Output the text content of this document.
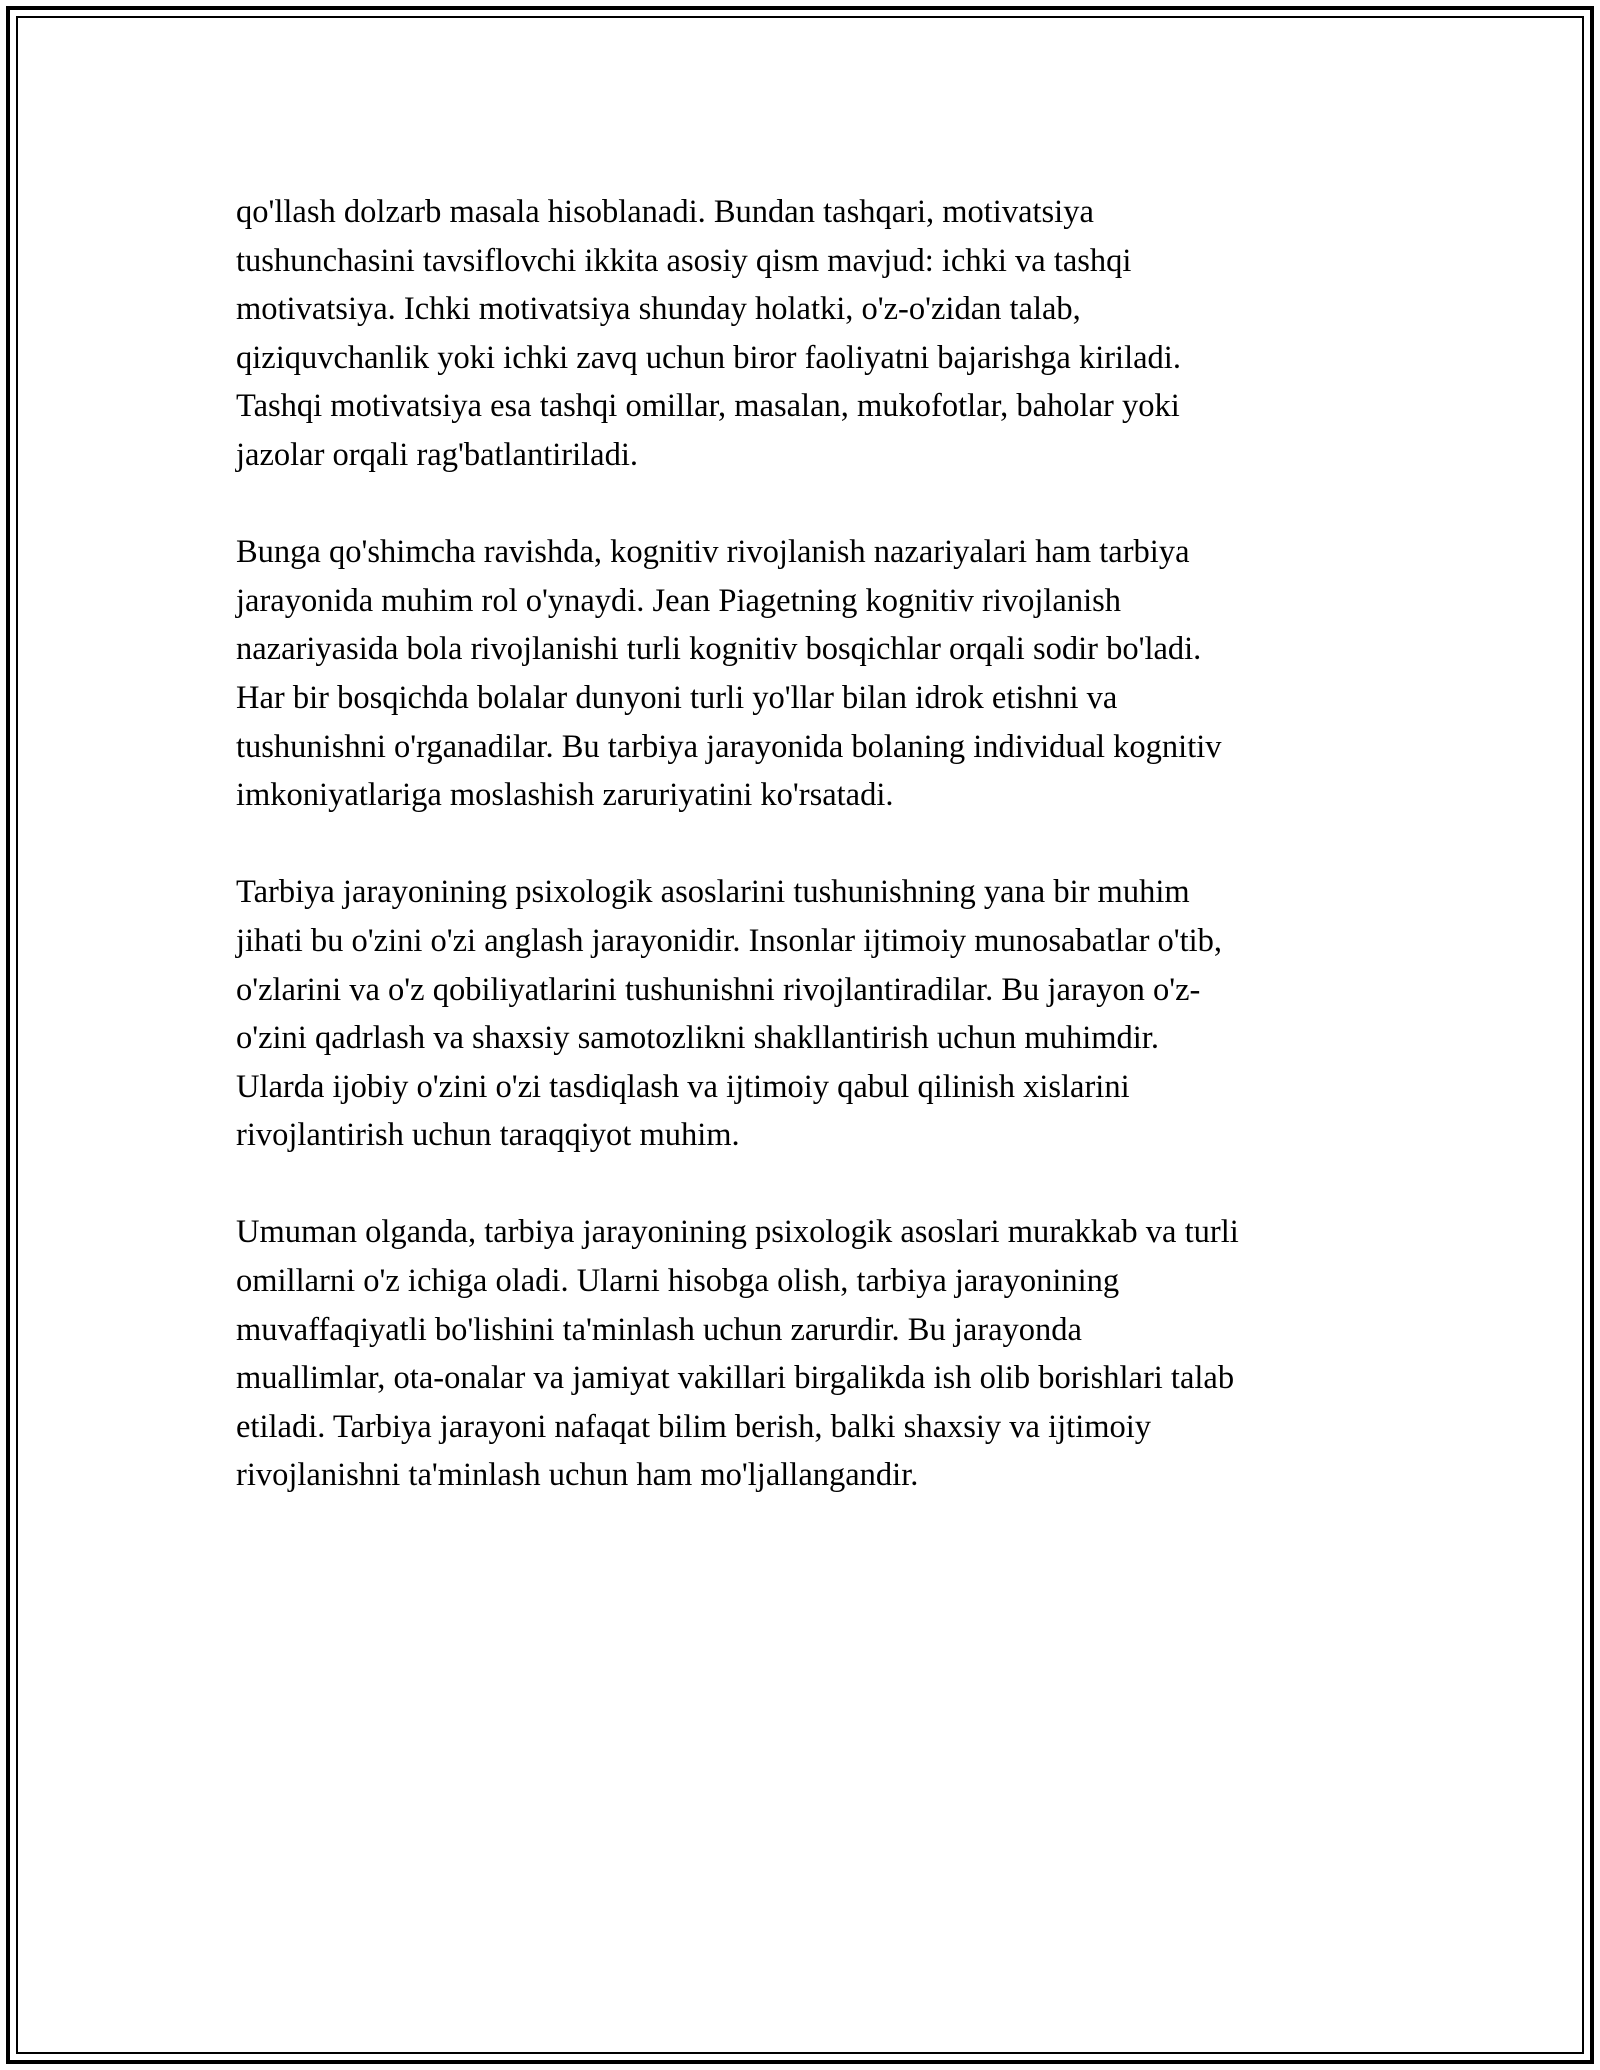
qo'llash dolzarb masala hisoblanadi. Bundan tashqari, motivatsiya
tushunchasini tavsiflovchi ikkita asosiy qism mavjud: ichki va tashqi
motivatsiya. Ichki motivatsiya shunday holatki, o'z-o'zidan talab,
qiziquvchanlik yoki ichki zavq uchun biror faoliyatni bajarishga kiriladi.
Tashqi motivatsiya esa tashqi omillar, masalan, mukofotlar, baholar yoki
jazolar orqali rag'batlantiriladi.

Bunga qo'shimcha ravishda, kognitiv rivojlanish nazariyalari ham tarbiya
jarayonida muhim rol o'ynaydi. Jean Piagetning kognitiv rivojlanish
nazariyasida bola rivojlanishi turli kognitiv bosqichlar orqali sodir bo'ladi.
Har bir bosqichda bolalar dunyoni turli yo'llar bilan idrok etishni va
tushunishni o'rganadilar. Bu tarbiya jarayonida bolaning individual kognitiv
imkoniyatlariga moslashish zaruriyatini ko'rsatadi.

Tarbiya jarayonining psixologik asoslarini tushunishning yana bir muhim
jihati bu o'zini o'zi anglash jarayonidir. Insonlar ijtimoiy munosabatlar o'tib,
o'zlarini va o'z qobiliyatlarini tushunishni rivojlantiradilar. Bu jarayon o'z-
o'zini qadrlash va shaxsiy samotozlikni shakllantirish uchun muhimdir.
Ularda ijobiy o'zini o'zi tasdiqlash va ijtimoiy qabul qilinish xislarini
rivojlantirish uchun taraqqiyot muhim.

Umuman olganda, tarbiya jarayonining psixologik asoslari murakkab va turli
omillarni o'z ichiga oladi. Ularni hisobga olish, tarbiya jarayonining
muvaffaqiyatli bo'lishini ta'minlash uchun zarurdir. Bu jarayonda
muallimlar, ota-onalar va jamiyat vakillari birgalikda ish olib borishlari talab
etiladi. Tarbiya jarayoni nafaqat bilim berish, balki shaxsiy va ijtimoiy
rivojlanishni ta'minlash uchun ham mo'ljallangandir.
